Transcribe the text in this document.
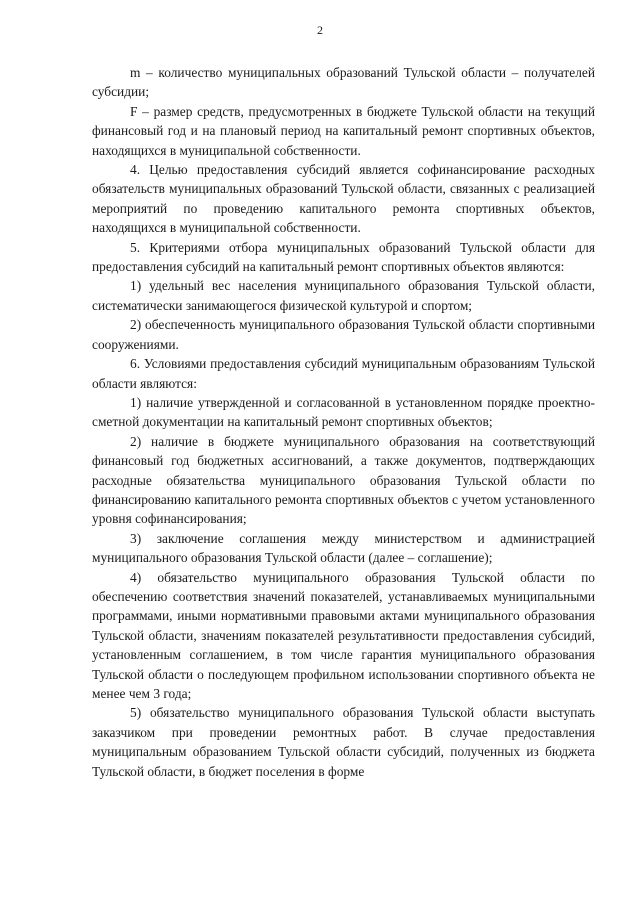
2

m – количество муниципальных образований Тульской области – получателей субсидии;

F – размер средств, предусмотренных в бюджете Тульской области на текущий финансовый год и на плановый период на капитальный ремонт спортивных объектов, находящихся в муниципальной собственности.

4. Целью предоставления субсидий является софинансирование расходных обязательств муниципальных образований Тульской области, связанных с реализацией мероприятий по проведению капитального ремонта спортивных объектов, находящихся в муниципальной собственности.

5. Критериями отбора муниципальных образований Тульской области для предоставления субсидий на капитальный ремонт спортивных объектов являются:

1) удельный вес населения муниципального образования Тульской области, систематически занимающегося физической культурой и спортом;

2) обеспеченность муниципального образования Тульской области спортивными сооружениями.

6. Условиями предоставления субсидий муниципальным образованиям Тульской области являются:

1) наличие утвержденной и согласованной в установленном порядке проектно-сметной документации на капитальный ремонт спортивных объектов;

2) наличие в бюджете муниципального образования на соответствующий финансовый год бюджетных ассигнований, а также документов, подтверждающих расходные обязательства муниципального образования Тульской области по финансированию капитального ремонта спортивных объектов с учетом установленного уровня софинансирования;

3) заключение соглашения между министерством и администрацией муниципального образования Тульской области (далее – соглашение);

4) обязательство муниципального образования Тульской области по обеспечению соответствия значений показателей, устанавливаемых муниципальными программами, иными нормативными правовыми актами муниципального образования Тульской области, значениям показателей результативности предоставления субсидий, установленным соглашением, в том числе гарантия муниципального образования Тульской области о последующем профильном использовании спортивного объекта не менее чем 3 года;

5) обязательство муниципального образования Тульской области выступать заказчиком при проведении ремонтных работ. В случае предоставления муниципальным образованием Тульской области субсидий, полученных из бюджета Тульской области, в бюджет поселения в форме
